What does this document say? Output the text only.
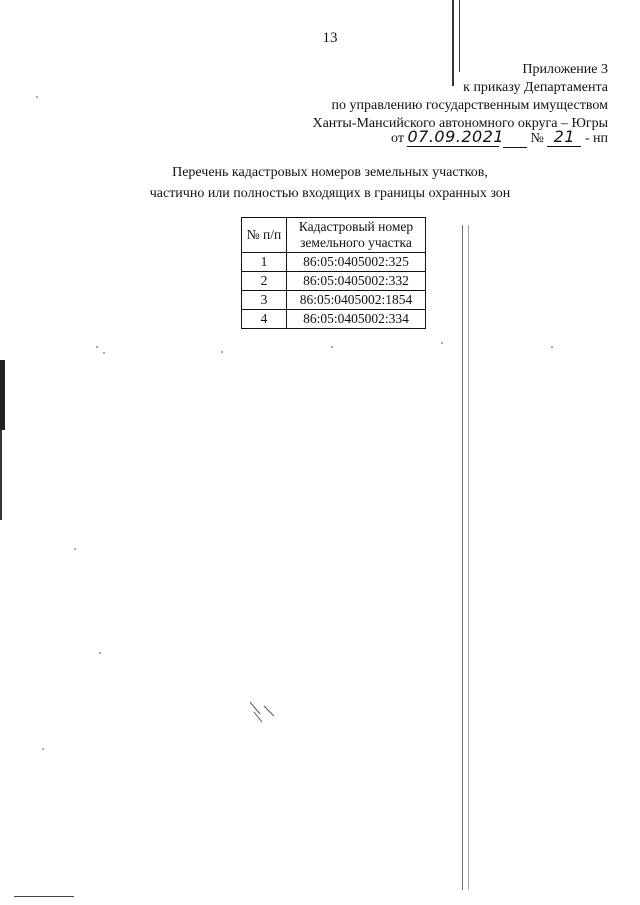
13
Приложение 3
к приказу Департамента
по управлению государственным имуществом
Ханты-Мансийского автономного округа – Югры
от 07.09.2021 № 21 - нп
Перечень кадастровых номеров земельных участков,
частично или полностью входящих в границы охранных зон
№ п/п	Кадастровый номер земельного участка
1	86:05:0405002:325
2	86:05:0405002:332
3	86:05:0405002:1854
4	86:05:0405002:334
